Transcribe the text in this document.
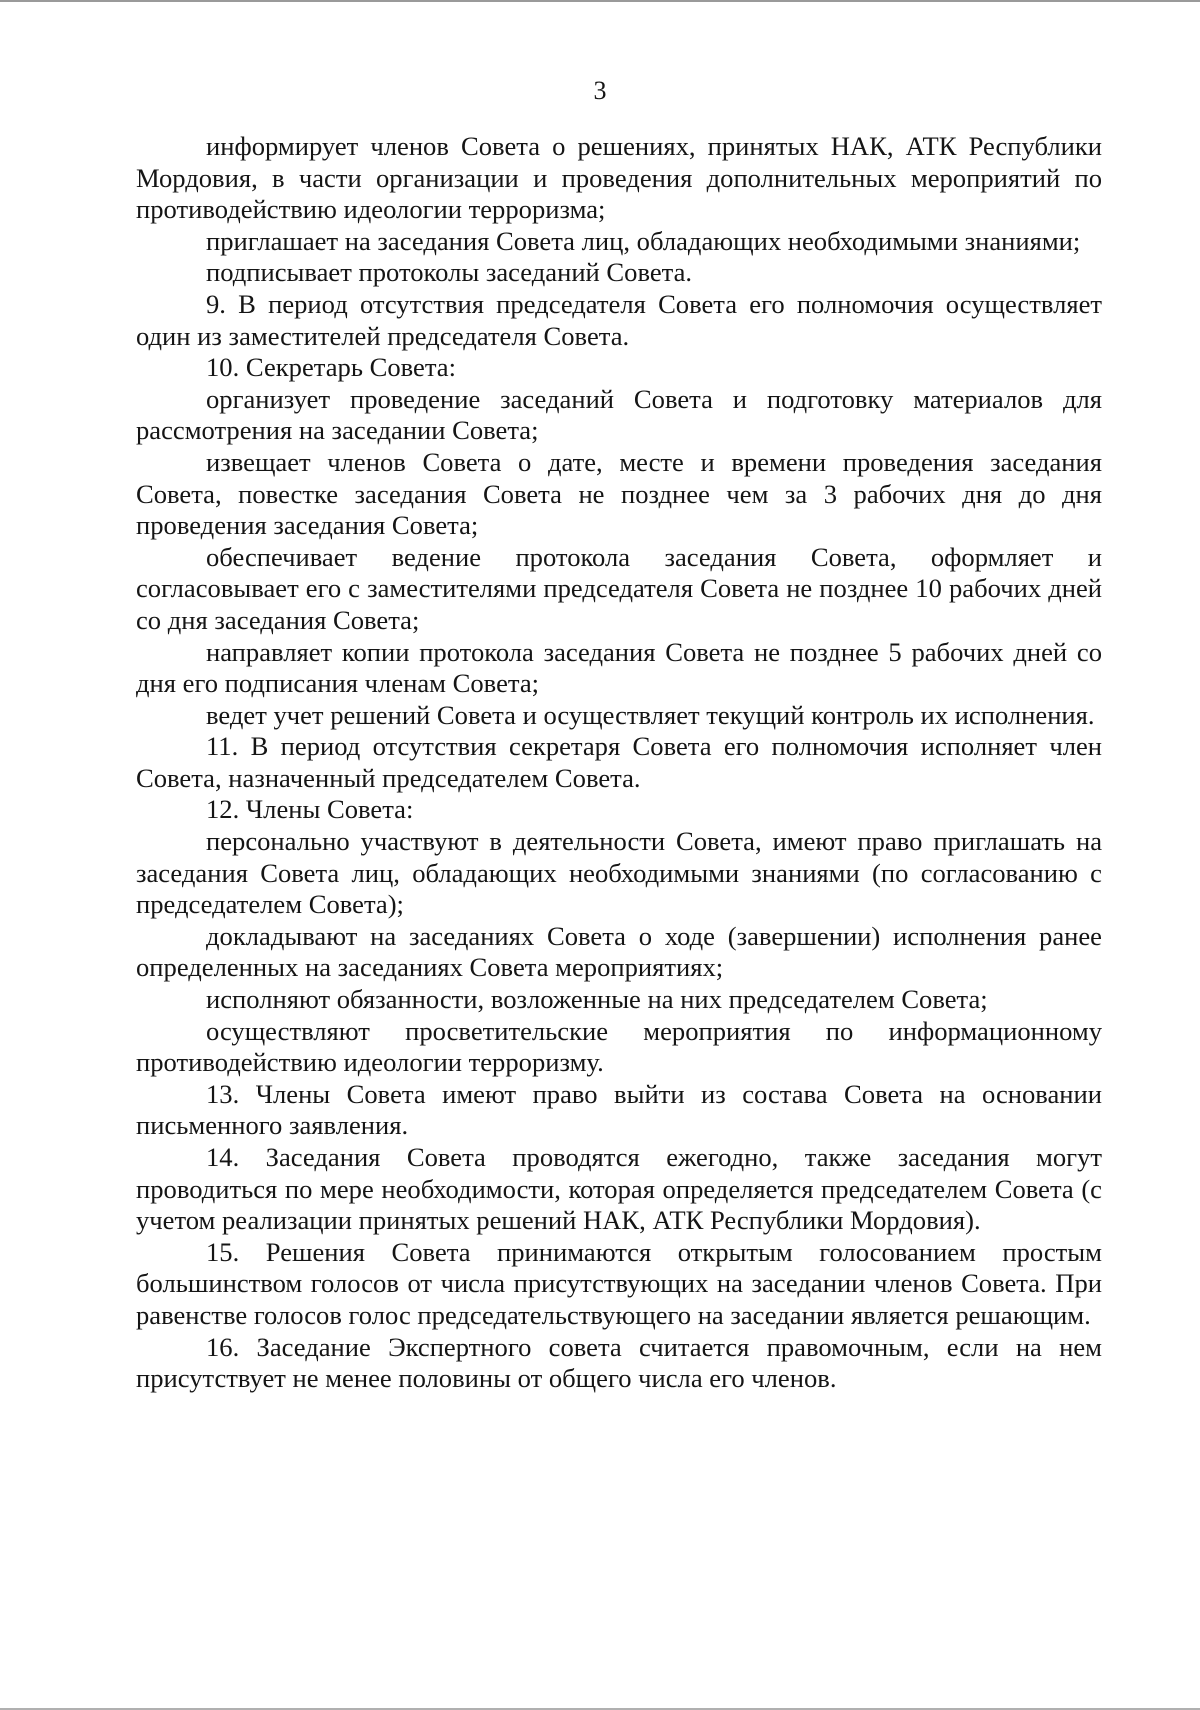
3

информирует членов Совета о решениях, принятых НАК, АТК Республики Мордовия, в части организации и проведения дополнительных мероприятий по противодействию идеологии терроризма;

приглашает на заседания Совета лиц, обладающих необходимыми знаниями;

подписывает протоколы заседаний Совета.

9. В период отсутствия председателя Совета его полномочия осуществляет один из заместителей председателя Совета.

10. Секретарь Совета:

организует проведение заседаний Совета и подготовку материалов для рассмотрения на заседании Совета;

извещает членов Совета о дате, месте и времени проведения заседания Совета, повестке заседания Совета не позднее чем за 3 рабочих дня до дня проведения заседания Совета;

обеспечивает ведение протокола заседания Совета, оформляет и согласовывает его с заместителями председателя Совета не позднее 10 рабочих дней со дня заседания Совета;

направляет копии протокола заседания Совета не позднее 5 рабочих дней со дня его подписания членам Совета;

ведет учет решений Совета и осуществляет текущий контроль их исполнения.

11. В период отсутствия секретаря Совета его полномочия исполняет член Совета, назначенный председателем Совета.

12. Члены Совета:

персонально участвуют в деятельности Совета, имеют право приглашать на заседания Совета лиц, обладающих необходимыми знаниями (по согласованию с председателем Совета);

докладывают на заседаниях Совета о ходе (завершении) исполнения ранее определенных на заседаниях Совета мероприятиях;

исполняют обязанности, возложенные на них председателем Совета;

осуществляют просветительские мероприятия по информационному противодействию идеологии терроризму.

13. Члены Совета имеют право выйти из состава Совета на основании письменного заявления.

14. Заседания Совета проводятся ежегодно, также заседания могут проводиться по мере необходимости, которая определяется председателем Совета (с учетом реализации принятых решений НАК, АТК Республики Мордовия).

15. Решения Совета принимаются открытым голосованием простым большинством голосов от числа присутствующих на заседании членов Совета. При равенстве голосов голос председательствующего на заседании является решающим.

16. Заседание Экспертного совета считается правомочным, если на нем присутствует не менее половины от общего числа его членов.
